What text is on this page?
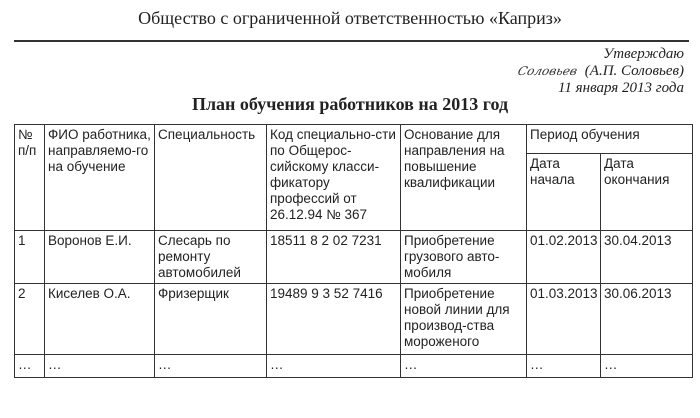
Общество с ограниченной ответственностью «Каприз»
Утверждаю
Соловьев (А.П. Соловьев)
11 января 2013 года
План обучения работников на 2013 год
№ п/п	ФИО работника, направляемо-го на обучение	Специальность	Код специально-сти по Общерос-сийскому класси-фикатору профессий от 26.12.94 № 367	Основание для направления на повышение квалификации	Период обучения	
					Дата начала	Дата окончания
1	Воронов Е.И.	Слесарь по ремонту автомобилей	18511 8 2 02 7231	Приобретение грузового авто-мобиля	01.02.2013	30.04.2013
2	Киселев О.А.	Фризерщик	19489 9 3 52 7416	Приобретение новой линии для производ-ства мороженого	01.03.2013	30.06.2013
…	…	…	…	…	…	…
